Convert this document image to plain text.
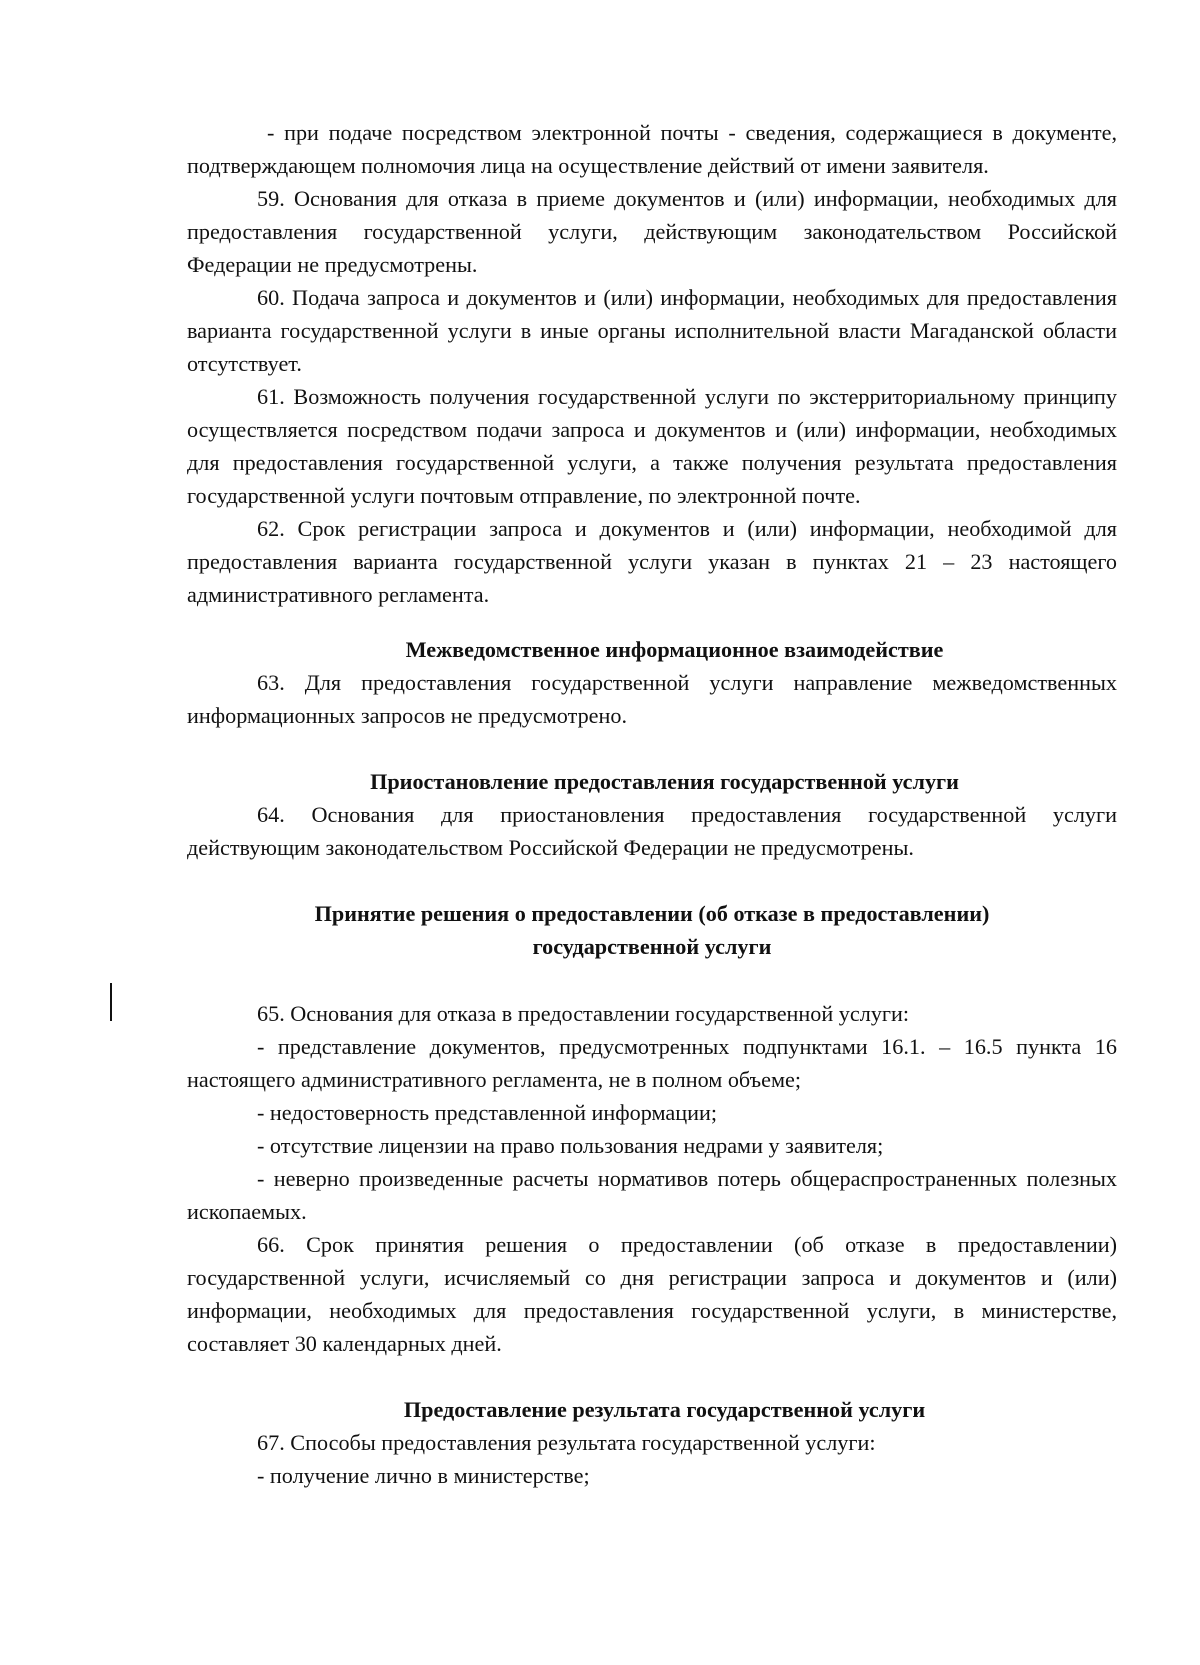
- при подаче посредством электронной почты - сведения, содержащиеся в документе, подтверждающем полномочия лица на осуществление действий от имени заявителя.

59. Основания для отказа в приеме документов и (или) информации, необходимых для предоставления государственной услуги, действующим законодательством Российской Федерации не предусмотрены.

60. Подача запроса и документов и (или) информации, необходимых для предоставления варианта государственной услуги в иные органы исполнительной власти Магаданской области отсутствует.

61. Возможность получения государственной услуги по экстерриториальному принципу осуществляется посредством подачи запроса и документов и (или) информации, необходимых для предоставления государственной услуги, а также получения результата предоставления государственной услуги почтовым отправление, по электронной почте.

62. Срок регистрации запроса и документов и (или) информации, необходимой для предоставления варианта государственной услуги указан в пунктах 21 – 23 настоящего административного регламента.

Межведомственное информационное взаимодействие

63. Для предоставления государственной услуги направление межведомственных информационных запросов не предусмотрено.

Приостановление предоставления государственной услуги

64. Основания для приостановления предоставления государственной услуги действующим законодательством Российской Федерации не предусмотрены.

Принятие решения о предоставлении (об отказе в предоставлении)
государственной услуги

65. Основания для отказа в предоставлении государственной услуги:

- представление документов, предусмотренных подпунктами 16.1. – 16.5 пункта 16 настоящего административного регламента, не в полном объеме;

- недостоверность представленной информации;

- отсутствие лицензии на право пользования недрами у заявителя;

- неверно произведенные расчеты нормативов потерь общераспространенных полезных ископаемых.

66. Срок принятия решения о предоставлении (об отказе в предоставлении) государственной услуги, исчисляемый со дня регистрации запроса и документов и (или) информации, необходимых для предоставления государственной услуги, в министерстве, составляет 30 календарных дней.

Предоставление результата государственной услуги

67. Способы предоставления результата государственной услуги:

- получение лично в министерстве;
